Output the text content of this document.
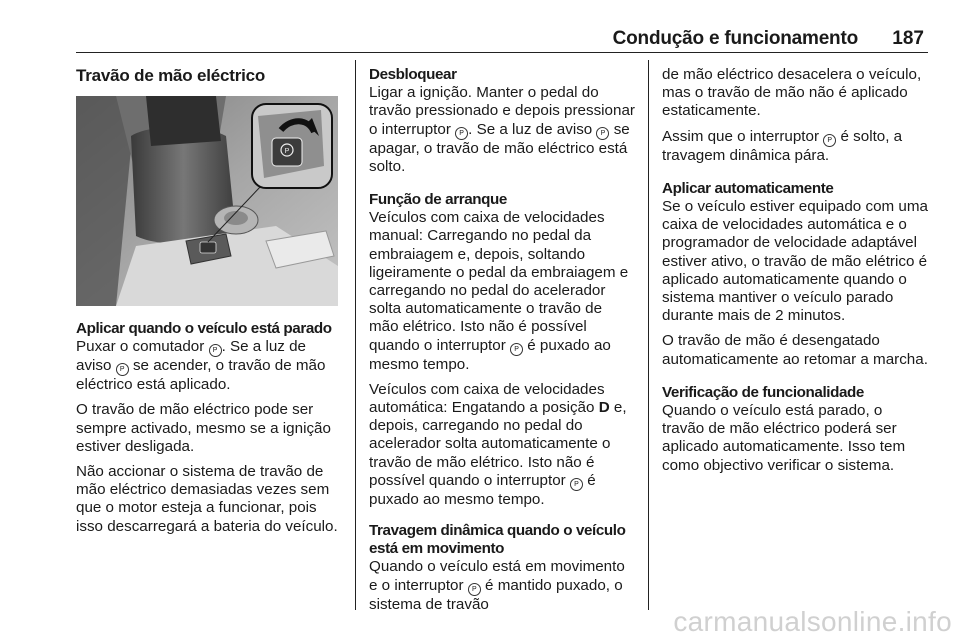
Condução e funcionamento 187
Travão de mão eléctrico
P
Aplicar quando o veículo está parado

Puxar o comutador P . Se a luz de aviso P se acender, o travão de mão eléctrico está aplicado.

O travão de mão eléctrico pode ser sempre activado, mesmo se a ignição estiver desligada.

Não accionar o sistema de travão de mão eléctrico demasiadas vezes sem que o motor esteja a funcionar, pois isso descarregará a bateria do veículo.

Desbloquear

Ligar a ignição. Manter o pedal do travão pressionado e depois pressionar o interruptor P . Se a luz de aviso P se apagar, o travão de mão eléctrico está solto.

Função de arranque

Veículos com caixa de velocidades manual: Carregando no pedal da embraiagem e, depois, soltando ligeiramente o pedal da embraiagem e carregando no pedal do acelerador solta automaticamente o travão de mão elétrico. Isto não é possível quando o interruptor P é puxado ao mesmo tempo.

Veículos com caixa de velocidades automática: Engatando a posição D e, depois, carregando no pedal do acelerador solta automaticamente o travão de mão elétrico. Isto não é possível quando o interruptor P é puxado ao mesmo tempo.

Travagem dinâmica quando o veículo está em movimento

Quando o veículo está em movimento e o interruptor P é mantido puxado, o sistema de travão

de mão eléctrico desacelera o veículo, mas o travão de mão não é aplicado estaticamente.

Assim que o interruptor P é solto, a travagem dinâmica pára.

Aplicar automaticamente

Se o veículo estiver equipado com uma caixa de velocidades automática e o programador de velocidade adaptável estiver ativo, o travão de mão elétrico é aplicado automaticamente quando o sistema mantiver o veículo parado durante mais de 2 minutos.

O travão de mão é desengatado automaticamente ao retomar a marcha.

Verificação de funcionalidade

Quando o veículo está parado, o travão de mão eléctrico poderá ser aplicado automaticamente. Isso tem como objectivo verificar o sistema.

carmanualsonline.info
